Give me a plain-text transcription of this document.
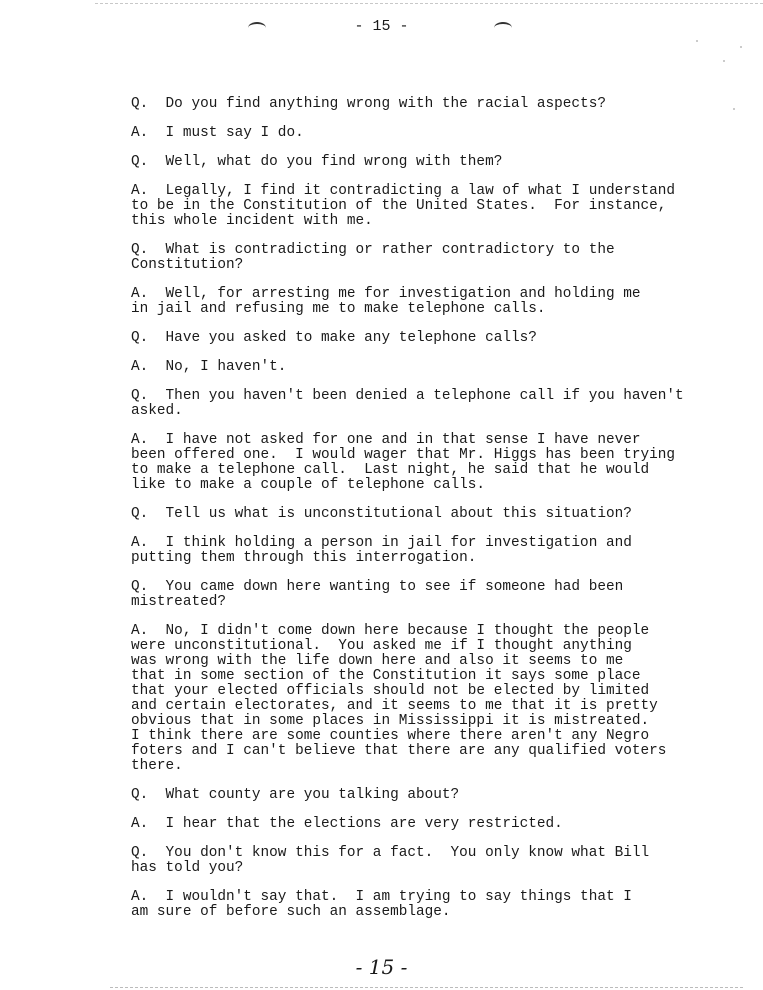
- 15 -

Q.  Do you find anything wrong with the racial aspects?

A.  I must say I do.

Q.  Well, what do you find wrong with them?

A.  Legally, I find it contradicting a law of what I understand
to be in the Constitution of the United States.  For instance,
this whole incident with me.

Q.  What is contradicting or rather contradictory to the
Constitution?

A.  Well, for arresting me for investigation and holding me
in jail and refusing me to make telephone calls.

Q.  Have you asked to make any telephone calls?

A.  No, I haven't.

Q.  Then you haven't been denied a telephone call if you haven't
asked.

A.  I have not asked for one and in that sense I have never
been offered one.  I would wager that Mr. Higgs has been trying
to make a telephone call.  Last night, he said that he would
like to make a couple of telephone calls.

Q.  Tell us what is unconstitutional about this situation?

A.  I think holding a person in jail for investigation and
putting them through this interrogation.

Q.  You came down here wanting to see if someone had been
mistreated?

A.  No, I didn't come down here because I thought the people
were unconstitutional.  You asked me if I thought anything
was wrong with the life down here and also it seems to me
that in some section of the Constitution it says some place
that your elected officials should not be elected by limited
and certain electorates, and it seems to me that it is pretty
obvious that in some places in Mississippi it is mistreated.
I think there are some counties where there aren't any Negro
foters and I can't believe that there are any qualified voters
there.

Q.  What county are you talking about?

A.  I hear that the elections are very restricted.

Q.  You don't know this for a fact.  You only know what Bill
has told you?

A.  I wouldn't say that.  I am trying to say things that I
am sure of before such an assemblage.

- 15 -
